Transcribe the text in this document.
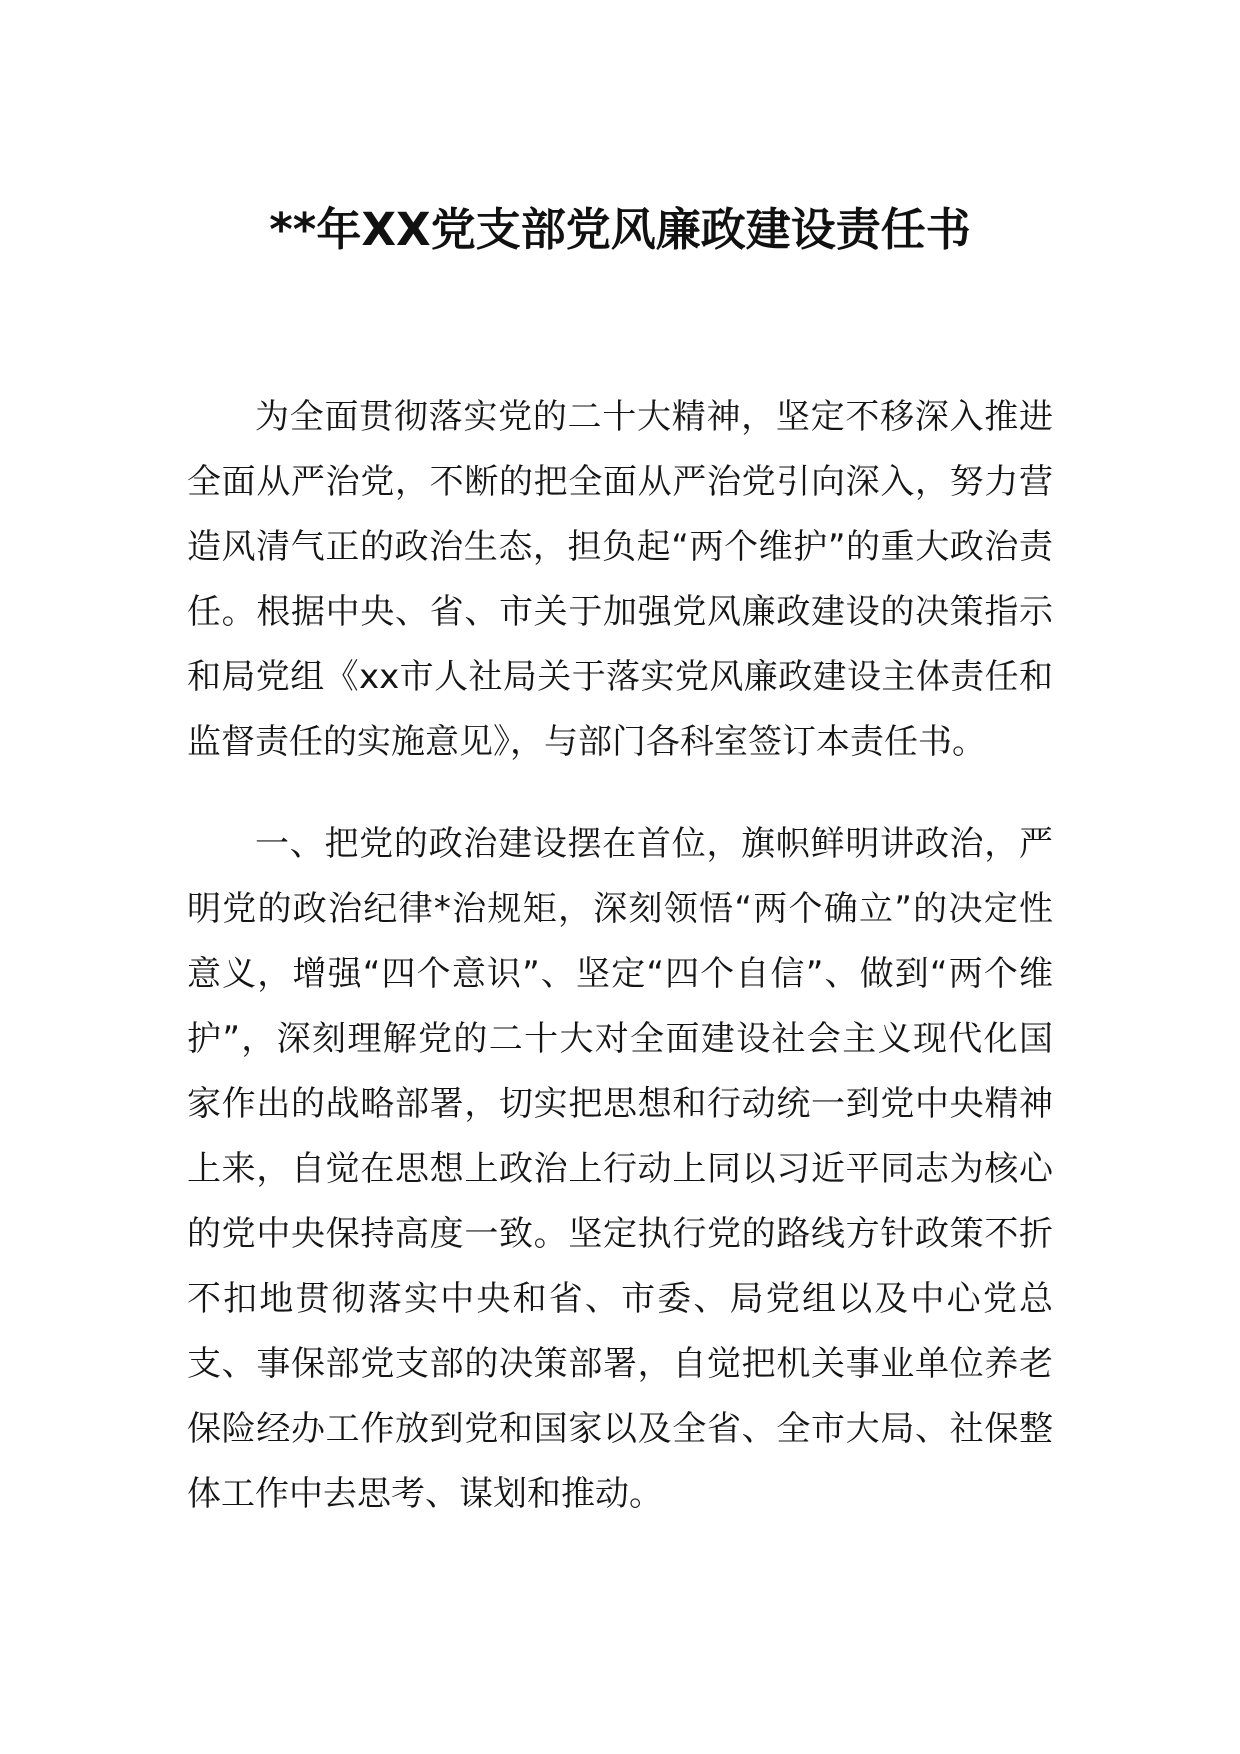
**年XX党支部党风廉政建设责任书

为全面贯彻落实党的二十大精神，坚定不移深入推进全面从严治党，不断的把全面从严治党引向深入，努力营造风清气正的政治生态，担负起“两个维护”的重大政治责任。根据中央、省、市关于加强党风廉政建设的决策指示和局党组《xx市人社局关于落实党风廉政建设主体责任和监督责任的实施意见》，与部门各科室签订本责任书。

一、把党的政治建设摆在首位，旗帜鲜明讲政治，严明党的政治纪律*治规矩，深刻领悟“两个确立”的决定性意义，增强“四个意识”、坚定“四个自信”、做到“两个维护”，深刻理解党的二十大对全面建设社会主义现代化国家作出的战略部署，切实把思想和行动统一到党中央精神上来，自觉在思想上政治上行动上同以习近平同志为核心的党中央保持高度一致。坚定执行党的路线方针政策不折不扣地贯彻落实中央和省、市委、局党组以及中心党总支、事保部党支部的决策部署，自觉把机关事业单位养老保险经办工作放到党和国家以及全省、全市大局、社保整体工作中去思考、谋划和推动。
